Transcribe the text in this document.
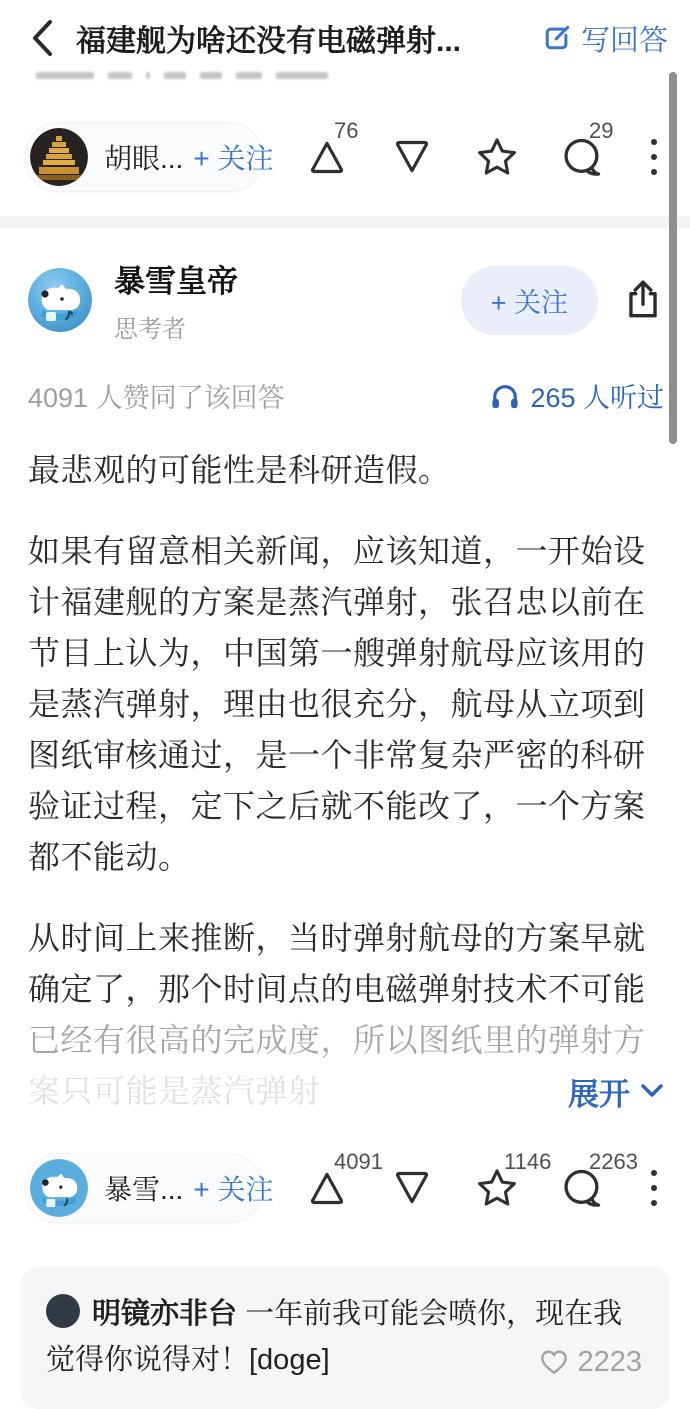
福建舰为啥还没有电磁弹射...	写回答
胡眼... + 关注
76	29
暴雪皇帝
思考者
+ 关注
4091 人赞同了该回答	265 人听过

最悲观的可能性是科研造假。

如果有留意相关新闻，应该知道，一开始设计福建舰的方案是蒸汽弹射，张召忠以前在节目上认为，中国第一艘弹射航母应该用的是蒸汽弹射，理由也很充分，航母从立项到图纸审核通过，是一个非常复杂严密的科研验证过程，定下之后就不能改了，一个方案都不能动。

从时间上来推断，当时弹射航母的方案早就确定了，那个时间点的电磁弹射技术不可能

已经有很高的完成度，所以图纸里的弹射方
案只可能是蒸汽弹射	展开
暴雪... + 关注
4091	1146 2263
明镜亦非台 一年前我可能会喷你，现在我觉得你说得对！[doge]	2223
